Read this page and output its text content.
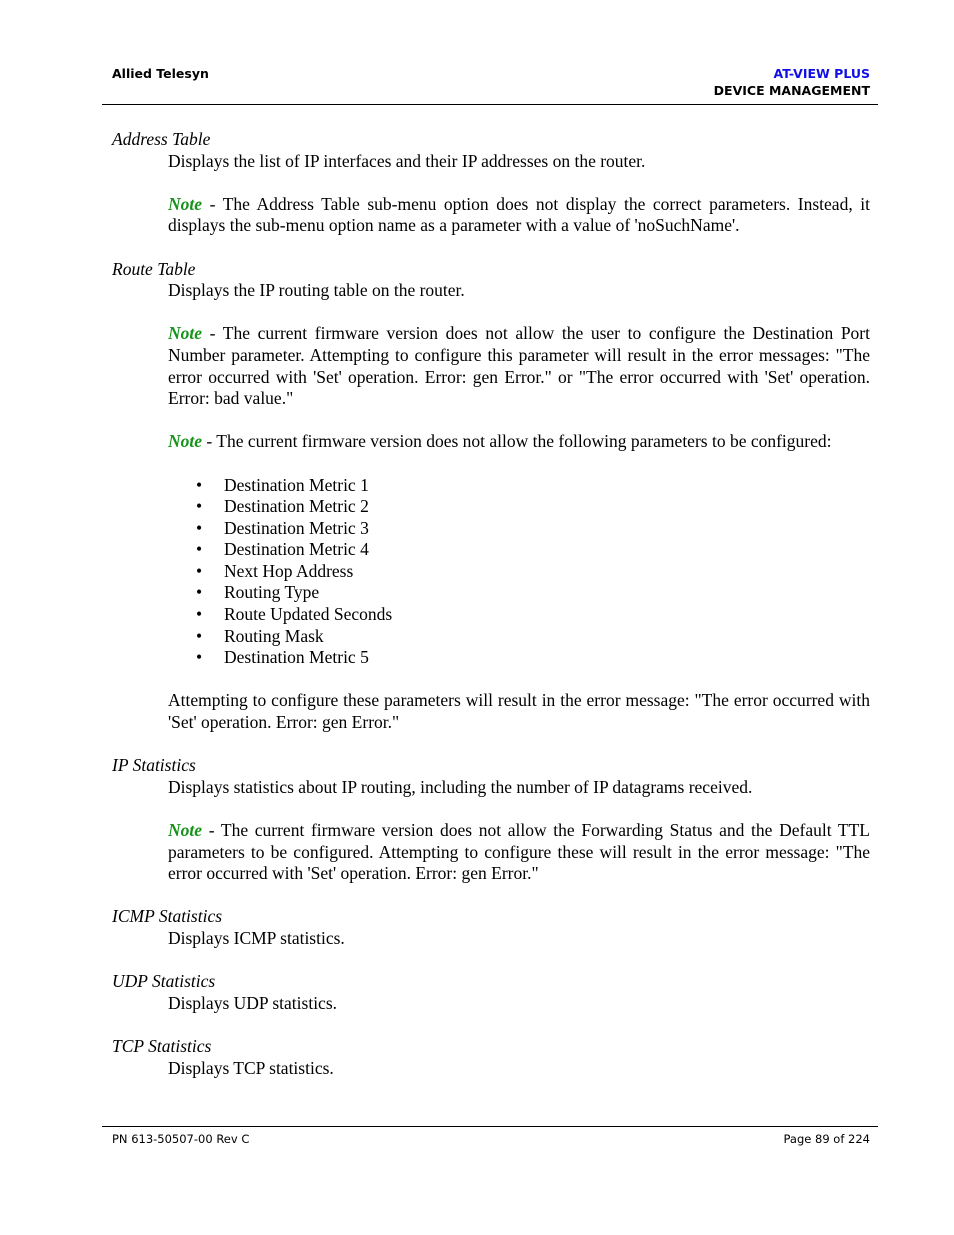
Allied Telesyn	AT-VIEW PLUS
DEVICE MANAGEMENT

Address Table

Displays the list of IP interfaces and their IP addresses on the router.

Note - The Address Table sub-menu option does not display the correct parameters. Instead, it displays the sub-menu option name as a parameter with a value of 'noSuchName'.

Route Table

Displays the IP routing table on the router.

Note - The current firmware version does not allow the user to configure the Destination Port Number parameter. Attempting to configure this parameter will result in the error messages: "The error occurred with 'Set' operation. Error: gen Error." or "The error occurred with 'Set' operation. Error: bad value."

Note - The current firmware version does not allow the following parameters to be configured:

• Destination Metric 1
• Destination Metric 2
• Destination Metric 3
• Destination Metric 4
• Next Hop Address
• Routing Type
• Route Updated Seconds
• Routing Mask
• Destination Metric 5

Attempting to configure these parameters will result in the error message: "The error occurred with 'Set' operation. Error: gen Error."

IP Statistics

Displays statistics about IP routing, including the number of IP datagrams received.

Note - The current firmware version does not allow the Forwarding Status and the Default TTL parameters to be configured. Attempting to configure these will result in the error message: "The error occurred with 'Set' operation. Error: gen Error."

ICMP Statistics

Displays ICMP statistics.

UDP Statistics

Displays UDP statistics.

TCP Statistics

Displays TCP statistics.

PN 613-50507-00 Rev C	Page 89 of 224
